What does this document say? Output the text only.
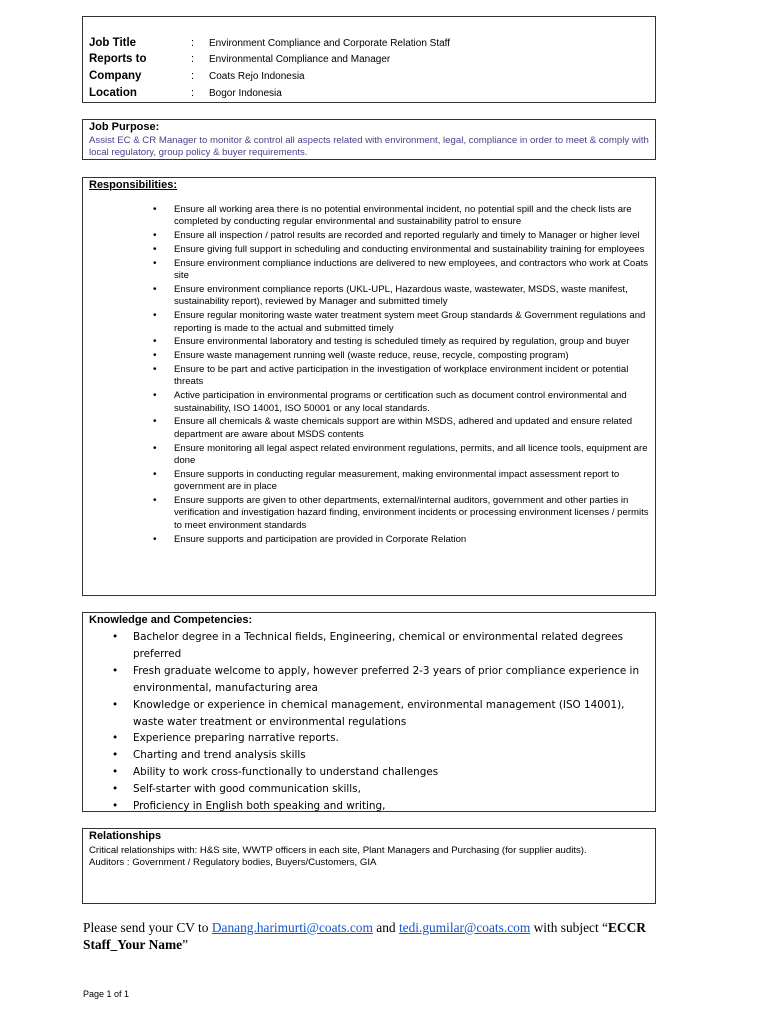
Job Title	: Environment Compliance and Corporate Relation Staff
Reports to	: Environmental Compliance and Manager
Company	: Coats Rejo Indonesia
Location	: Bogor Indonesia
Job Purpose:
Assist EC & CR Manager to monitor & control all aspects related with environment, legal, compliance in order to meet & comply with local regulatory, group policy & buyer requirements.
Responsibilities:
• Ensure all working area there is no potential environmental incident, no potential spill and the check lists are completed by conducting regular environmental and sustainability patrol to ensure
• Ensure all inspection / patrol results are recorded and reported regularly and timely to Manager or higher level
• Ensure giving full support in scheduling and conducting environmental and sustainability training for employees
• Ensure environment compliance inductions are delivered to new employees, and contractors who work at Coats site
• Ensure environment compliance reports (UKL-UPL, Hazardous waste, wastewater, MSDS, waste manifest, sustainability report), reviewed by Manager and submitted timely
• Ensure regular monitoring waste water treatment system meet Group standards & Government regulations and reporting is made to the actual and submitted timely
• Ensure environmental laboratory and testing is scheduled timely as required by regulation, group and buyer
• Ensure waste management running well (waste reduce, reuse, recycle, composting program)
• Ensure to be part and active participation in the investigation of workplace environment incident or potential threats
• Active participation in environmental programs or certification such as document control environmental and sustainability, ISO 14001, ISO 50001 or any local standards.
• Ensure all chemicals & waste chemicals support are within MSDS, adhered and updated and ensure related department are aware about MSDS contents
• Ensure monitoring all legal aspect related environment regulations, permits, and all licence tools, equipment are done
• Ensure supports in conducting regular measurement, making environmental impact assessment report to government are in place
• Ensure supports are given to other departments, external/internal auditors, government and other parties in verification and investigation hazard finding, environment incidents or processing environment licenses / permits to meet environment standards
• Ensure supports and participation are provided in Corporate Relation
Knowledge and Competencies:
• Bachelor degree in a Technical fields, Engineering, chemical or environmental related degrees preferred
• Fresh graduate welcome to apply, however preferred 2-3 years of prior compliance experience in environmental, manufacturing area
• Knowledge or experience in chemical management, environmental management (ISO 14001), waste water treatment or environmental regulations
• Experience preparing narrative reports.
• Charting and trend analysis skills
• Ability to work cross-functionally to understand challenges
• Self-starter with good communication skills,
• Proficiency in English both speaking and writing,
Relationships
Critical relationships with: H&S site, WWTP officers in each site, Plant Managers and Purchasing (for supplier audits).
Auditors : Government / Regulatory bodies, Buyers/Customers, GIA
Please send your CV to Danang.harimurti@coats.com and tedi.gumilar@coats.com with subject “ECCR Staff_Your Name”
Page 1 of 1
